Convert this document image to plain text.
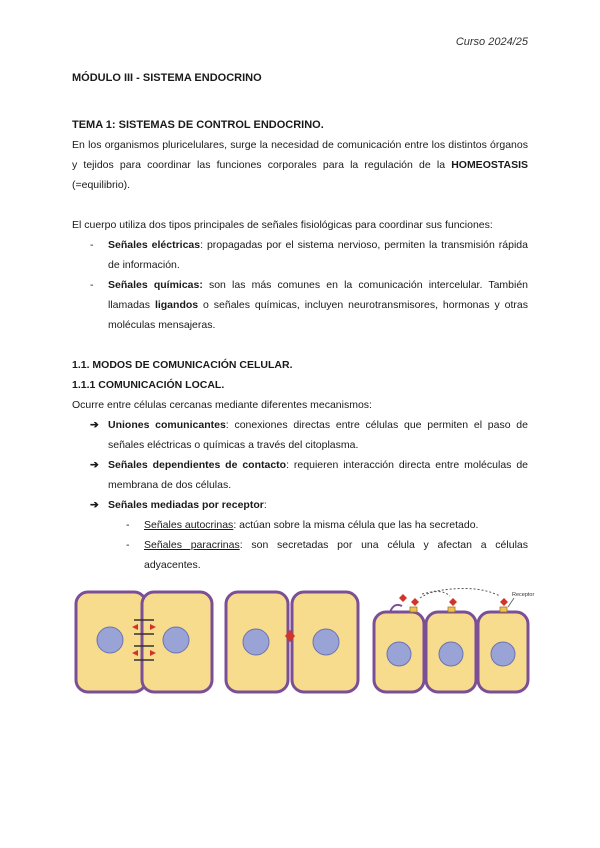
Curso 2024/25
MÓDULO III - SISTEMA ENDOCRINO
TEMA 1: SISTEMAS DE CONTROL ENDOCRINO.
En los organismos pluricelulares, surge la necesidad de comunicación entre los distintos órganos y tejidos para coordinar las funciones corporales para la regulación de la HOMEOSTASIS (=equilibrio).
El cuerpo utiliza dos tipos principales de señales fisiológicas para coordinar sus funciones:
- Señales eléctricas: propagadas por el sistema nervioso, permiten la transmisión rápida de información.
- Señales químicas: son las más comunes en la comunicación intercelular. También llamadas ligandos o señales químicas, incluyen neurotransmisores, hormonas y otras moléculas mensajeras.
1.1. MODOS DE COMUNICACIÓN CELULAR.
1.1.1 COMUNICACIÓN LOCAL.
Ocurre entre células cercanas mediante diferentes mecanismos:
➔ Uniones comunicantes: conexiones directas entre células que permiten el paso de señales eléctricas o químicas a través del citoplasma.
➔ Señales dependientes de contacto: requieren interacción directa entre moléculas de membrana de dos células.
➔ Señales mediadas por receptor:
- Señales autocrinas: actúan sobre la misma célula que las ha secretado.
- Señales paracrinas: son secretadas por una célula y afectan a células adyacentes.
Receptor
